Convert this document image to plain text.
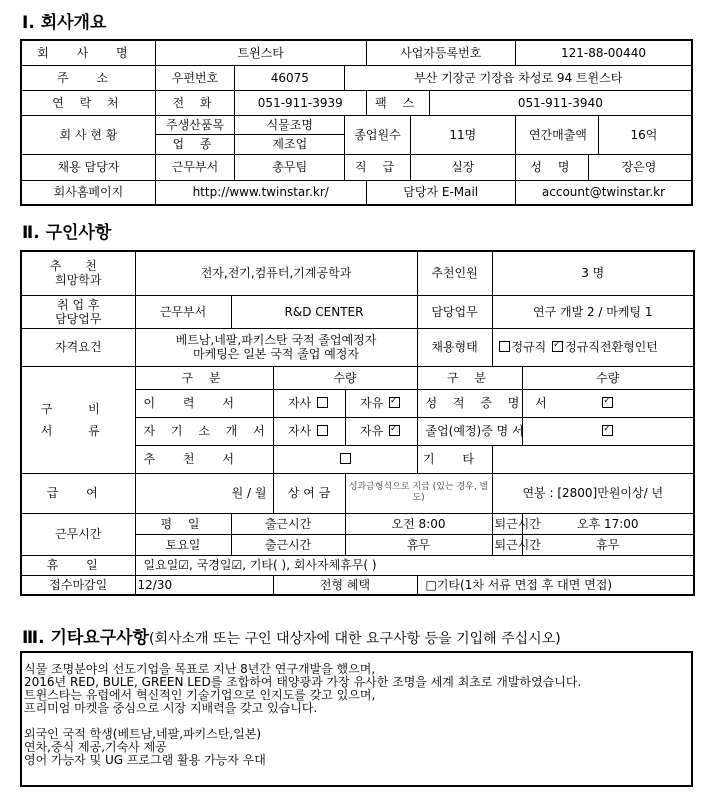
Ⅰ. 회사개요
회 사 명	트윈스타			사업자등록번호			121-88-00440
주 소	우편번호	46075	부산 기장군 기장읍 차성로 94 트윈스타				
연 락 처	전 화	051-911-3939		팩 스		051-911-3940	
회 사 현 황	주생산품목	식물조명	종업원수		11명		연간매출액 16억
	업 종	제조업					
채용 담당자	근무부서	총무팀	직 급		실장		성 명 장은영
회사홈페이지	http://www.twinstar.kr/			담당자 E-Mail			account@twinstar.kr
Ⅱ. 구인사항
추 천
희망학과	전자,전기,컴퓨터,기계공학과				추천인원	3 명	

취 업 후
담당업무	근무부서	R&D CENTER			담당업무	연구 개발 2 / 마케팅 1	
자격요건	베트남,네팔,파키스탄 국적 졸업예정자
마케팅은 일본 국적 졸업 예정자				채용형태	정규직 ✓ 정규직전환형인턴

구 비
서 류	구 분		수량		구 분		수량
	이 력 서		자사	자유 ✓	성 적 증 명 서	✓
	자 기 소 개 서		자사	자유 ✓	졸업(예정)증 명 서	✓
	추 천 서				기 타		
급 여	원 / 월		상 여 금	성과금형식으로 지급 (있는 경우, 별도)		연봉 : [2800]만원이상/ 년	
근무시간	평 일	출근시간		오전 8:00		퇴근시간	오후 17:00
	토요일	출근시간		휴무		퇴근시간	휴무
휴 일	일요일☑, 국경일☑, 기타( ), 회사자체휴무( )						
접수마감일	12/30		전형 혜택		□기타(1차 서류 면접 후 대면 면접)		
Ⅲ. 기타요구사항(회사소개 또는 구인 대상자에 대한 요구사항 등을 기입해 주십시오)
식물 조명분야의 선도기업을 목표로 지난 8년간 연구개발을 했으며,
2016년 RED, BULE, GREEN LED를 조합하여 태양광과 가장 유사한 조명을 세계 최초로 개발하였습니다.
트윈스타는 유럽에서 혁신적인 기술기업으로 인지도를 갖고 있으며,
프리미엄 마켓을 중심으로 시장 지배력을 갖고 있습니다.
외국인 국적 학생(베트남,네팔,파키스탄,일본)
연차,중식 제공,기숙사 제공
영어 가능자 및 UG 프로그램 활용 가능자 우대
